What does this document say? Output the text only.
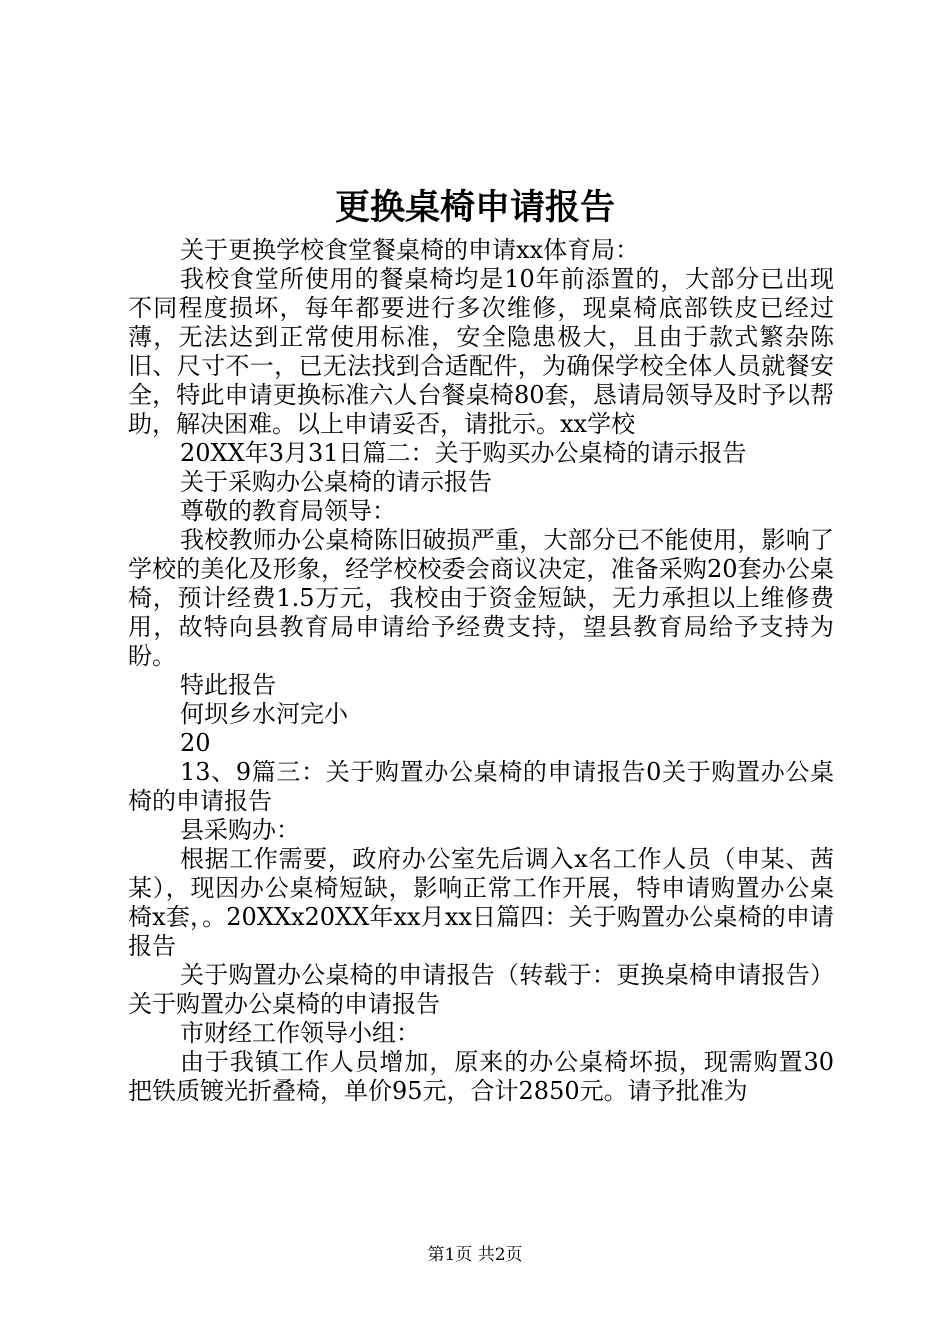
更换桌椅申请报告

关于更换学校食堂餐桌椅的申请xx体育局：

我校食堂所使用的餐桌椅均是10年前添置的，大部分已出现不同程度损坏，每年都要进行多次维修，现桌椅底部铁皮已经过薄，无法达到正常使用标准，安全隐患极大，且由于款式繁杂陈旧、尺寸不一，已无法找到合适配件，为确保学校全体人员就餐安全，特此申请更换标准六人台餐桌椅80套，恳请局领导及时予以帮助，解决困难。以上申请妥否，请批示。xx学校

20XX年3月31日篇二：关于购买办公桌椅的请示报告

关于采购办公桌椅的请示报告

尊敬的教育局领导：

我校教师办公桌椅陈旧破损严重，大部分已不能使用，影响了学校的美化及形象，经学校校委会商议决定，准备采购20套办公桌椅，预计经费1.5万元，我校由于资金短缺，无力承担以上维修费用，故特向县教育局申请给予经费支持，望县教育局给予支持为盼。

特此报告

何坝乡水河完小

20

13、9篇三：关于购置办公桌椅的申请报告0关于购置办公桌椅的申请报告

县采购办：

根据工作需要，政府办公室先后调入x名工作人员（申某、茜某），现因办公桌椅短缺，影响正常工作开展，特申请购置办公桌椅x套，。20XXx20XX年xx月xx日篇四：关于购置办公桌椅的申请报告

关于购置办公桌椅的申请报告（转载于：更换桌椅申请报告）关于购置办公桌椅的申请报告

市财经工作领导小组：

由于我镇工作人员增加，原来的办公桌椅坏损，现需购置30把铁质镀光折叠椅，单价95元，合计2850元。请予批准为

第1页 共2页
